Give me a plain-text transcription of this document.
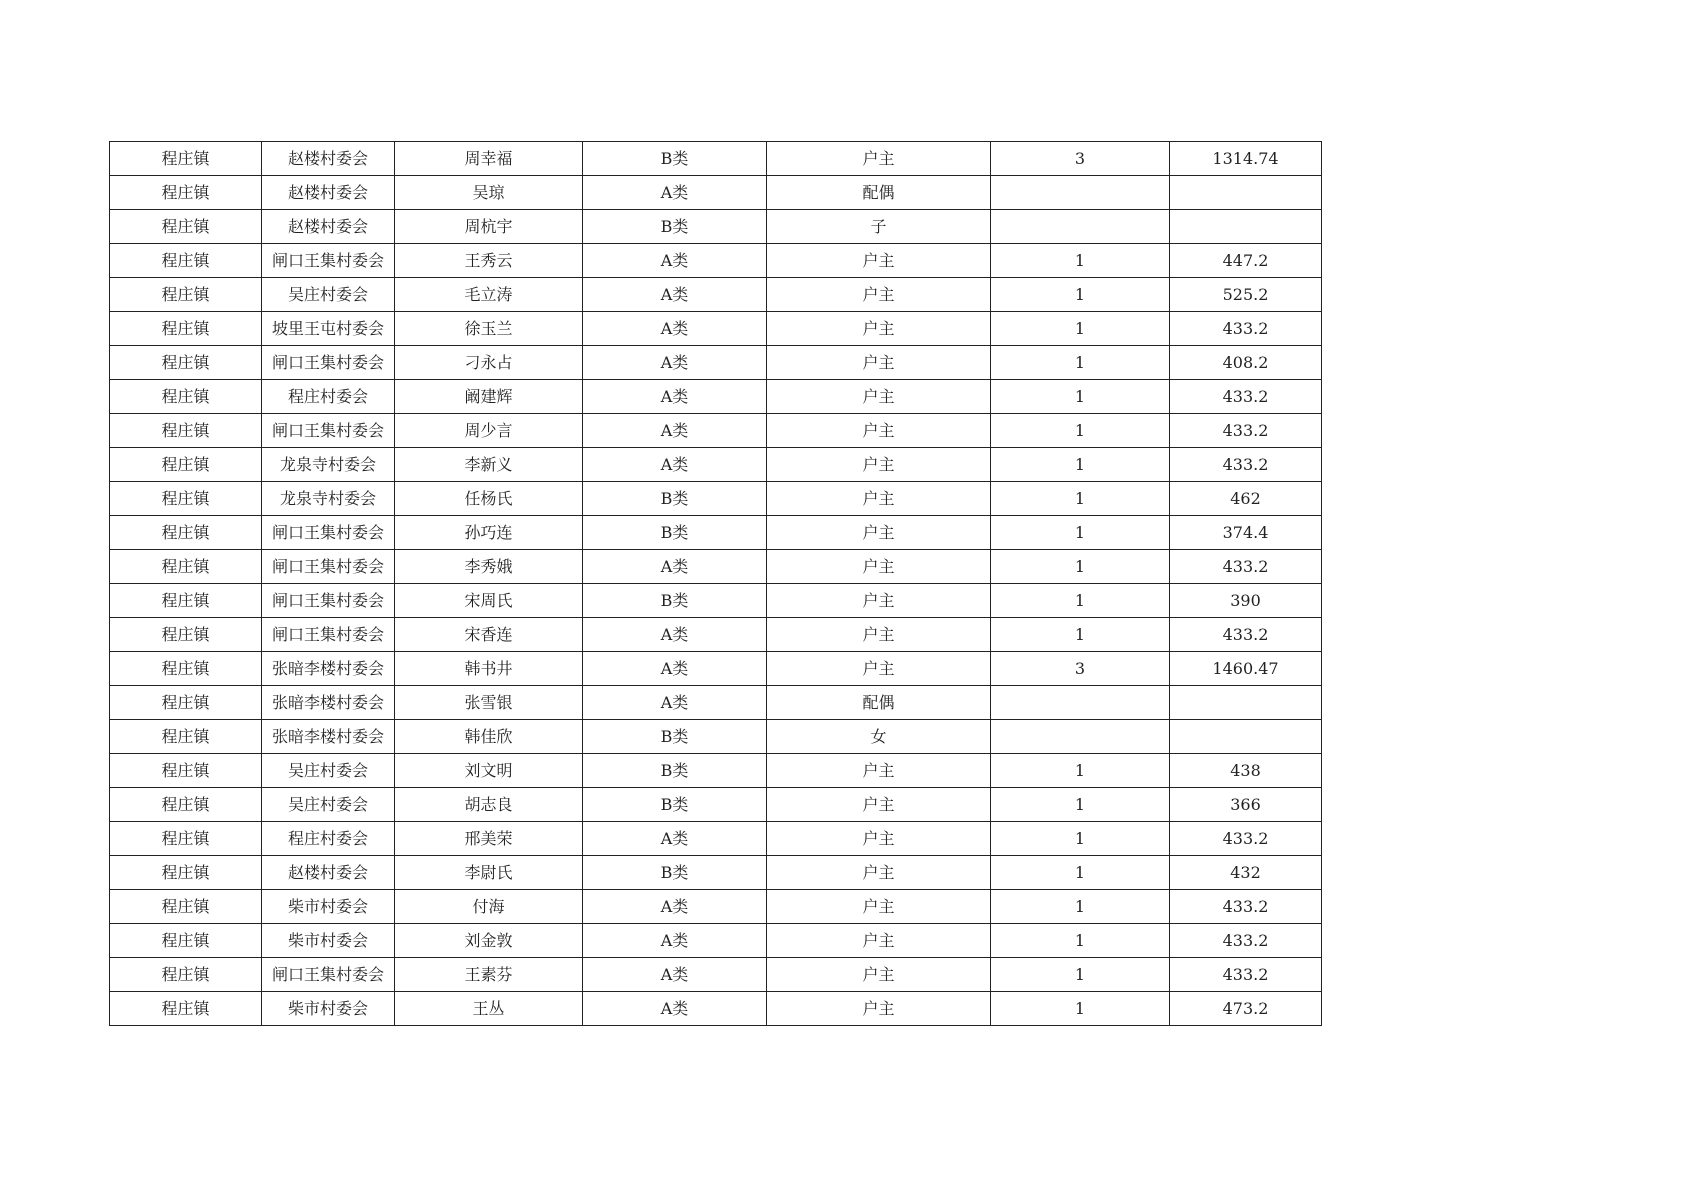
程庄镇	赵楼村委会	周幸福	B类	户主	3	1314.74
程庄镇	赵楼村委会	吴琼	A类	配偶		
程庄镇	赵楼村委会	周杭宇	B类	子		
程庄镇	闸口王集村委会	王秀云	A类	户主	1	447.2
程庄镇	吴庄村委会	毛立涛	A类	户主	1	525.2
程庄镇	坡里王屯村委会	徐玉兰	A类	户主	1	433.2
程庄镇	闸口王集村委会	刁永占	A类	户主	1	408.2
程庄镇	程庄村委会	阚建辉	A类	户主	1	433.2
程庄镇	闸口王集村委会	周少言	A类	户主	1	433.2
程庄镇	龙泉寺村委会	李新义	A类	户主	1	433.2
程庄镇	龙泉寺村委会	任杨氏	B类	户主	1	462
程庄镇	闸口王集村委会	孙巧连	B类	户主	1	374.4
程庄镇	闸口王集村委会	李秀娥	A类	户主	1	433.2
程庄镇	闸口王集村委会	宋周氏	B类	户主	1	390
程庄镇	闸口王集村委会	宋香连	A类	户主	1	433.2
程庄镇	张暗李楼村委会	韩书井	A类	户主	3	1460.47
程庄镇	张暗李楼村委会	张雪银	A类	配偶		
程庄镇	张暗李楼村委会	韩佳欣	B类	女		
程庄镇	吴庄村委会	刘文明	B类	户主	1	438
程庄镇	吴庄村委会	胡志良	B类	户主	1	366
程庄镇	程庄村委会	邢美荣	A类	户主	1	433.2
程庄镇	赵楼村委会	李尉氏	B类	户主	1	432
程庄镇	柴市村委会	付海	A类	户主	1	433.2
程庄镇	柴市村委会	刘金敦	A类	户主	1	433.2
程庄镇	闸口王集村委会	王素芬	A类	户主	1	433.2
程庄镇	柴市村委会	王丛	A类	户主	1	473.2
